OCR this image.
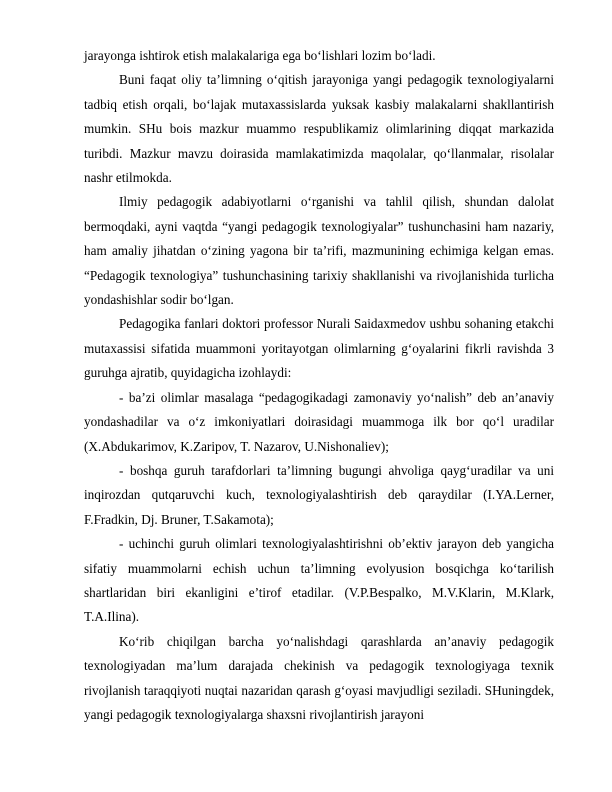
jarayonga ishtirok etish malakalariga ega bo‘lishlari lozim bo‘ladi.

Buni faqat oliy ta’limning o‘qitish jarayoniga yangi pedagogik texnologiyalarni tadbiq etish orqali, bo‘lajak mutaxassislarda yuksak kasbiy malakalarni shakllantirish mumkin. SHu bois mazkur muammo respublikamiz olimlarining diqqat markazida turibdi. Mazkur mavzu doirasida mamlakatimizda maqolalar, qo‘llanmalar, risolalar nashr etilmokda.

Ilmiy pedagogik adabiyotlarni o‘rganishi va tahlil qilish, shundan dalolat bermoqdaki, ayni vaqtda “yangi pedagogik texnologiyalar” tushunchasini ham nazariy, ham amaliy jihatdan o‘zining yagona bir ta’rifi, mazmunining echimiga kelgan emas. “Pedagogik texnologiya” tushunchasining tarixiy shakllanishi va rivojlanishida turlicha yondashishlar sodir bo‘lgan.

Pedagogika fanlari doktori professor Nurali Saidaxmedov ushbu sohaning etakchi mutaxassisi sifatida muammoni yoritayotgan olimlarning g‘oyalarini fikrli ravishda 3 guruhga ajratib, quyidagicha izohlaydi:

- ba’zi olimlar masalaga “pedagogikadagi zamonaviy yo‘nalish” deb an’anaviy yondashadilar va o‘z imkoniyatlari doirasidagi muammoga ilk bor qo‘l uradilar (X.Abdukarimov, K.Zaripov, T. Nazarov, U.Nishonaliev);

- boshqa guruh tarafdorlari ta’limning bugungi ahvoliga qayg‘uradilar va uni inqirozdan qutqaruvchi kuch, texnologiyalashtirish deb qaraydilar (I.YA.Lerner, F.Fradkin, Dj. Bruner, T.Sakamota);

- uchinchi guruh olimlari texnologiyalashtirishni ob’ektiv jarayon deb yangicha sifatiy muammolarni echish uchun ta’limning evolyusion bosqichga ko‘tarilish shartlaridan biri ekanligini e’tirof etadilar. (V.P.Bespalko, M.V.Klarin, M.Klark, T.A.Ilina).

Ko‘rib chiqilgan barcha yo‘nalishdagi qarashlarda an’anaviy pedagogik texnologiyadan ma’lum darajada chekinish va pedagogik texnologiyaga texnik rivojlanish taraqqiyoti nuqtai nazaridan qarash g‘oyasi mavjudligi seziladi. SHuningdek, yangi pedagogik texnologiyalarga shaxsni rivojlantirish jarayoni
